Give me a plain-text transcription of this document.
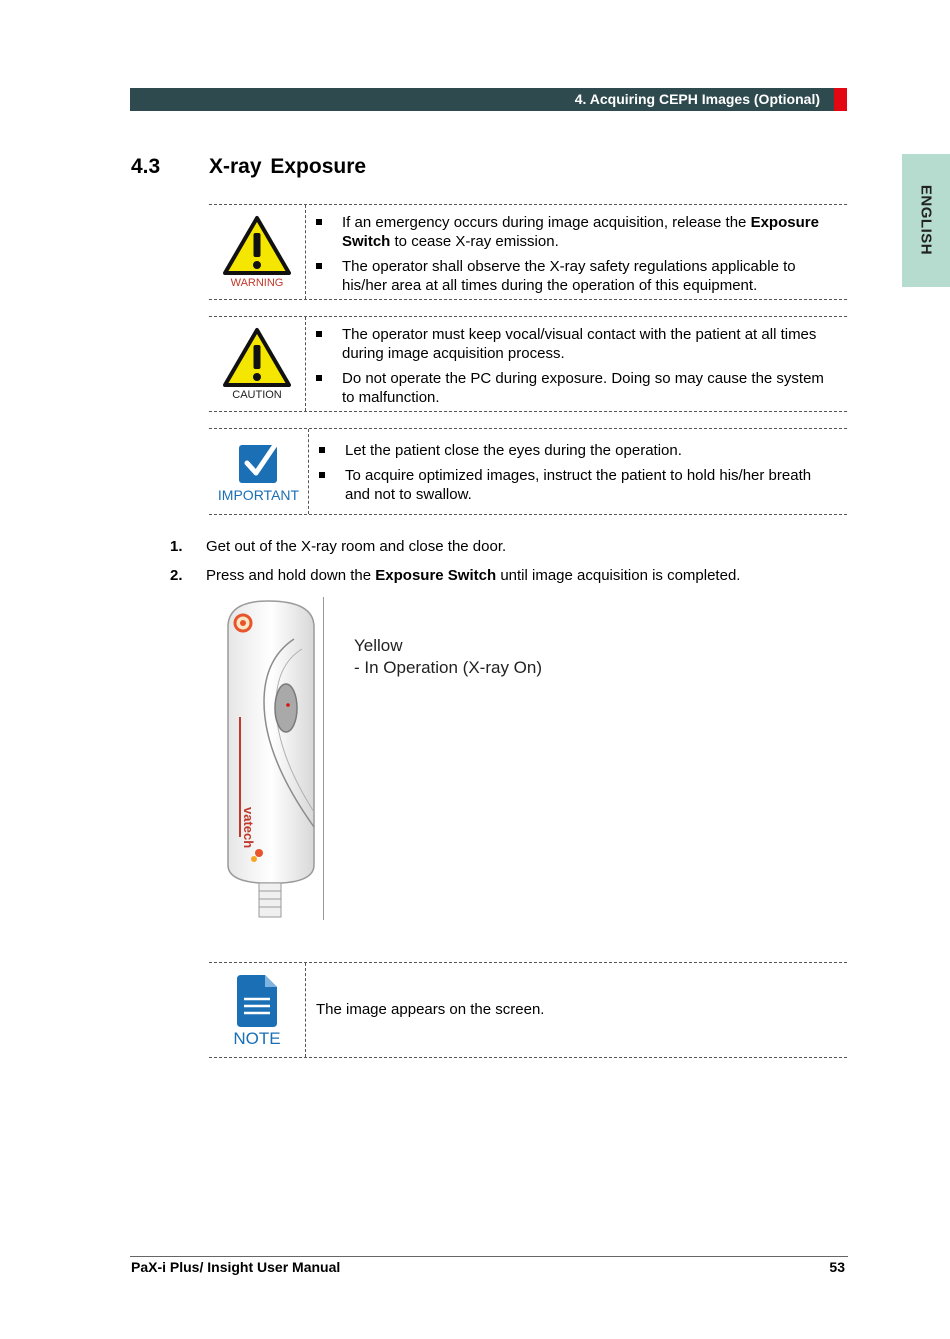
4. Acquiring CEPH Images (Optional)
ENGLISH
4.3 X-ray Exposure
WARNING
If an emergency occurs during image acquisition, release the Exposure Switch to cease X-ray emission.
The operator shall observe the X-ray safety regulations applicable to his/her area at all times during the operation of this equipment.
CAUTION
The operator must keep vocal/visual contact with the patient at all times during image acquisition process.
Do not operate the PC during exposure. Doing so may cause the system to malfunction.
IMPORTANT
Let the patient close the eyes during the operation.
To acquire optimized images, instruct the patient to hold his/her breath and not to swallow.
1. Get out of the X-ray room and close the door.
2. Press and hold down the Exposure Switch until image acquisition is completed.
vatech
Yellow
- In Operation (X-ray On)
NOTE
The image appears on the screen.
PaX-i Plus/ Insight User Manual	53
